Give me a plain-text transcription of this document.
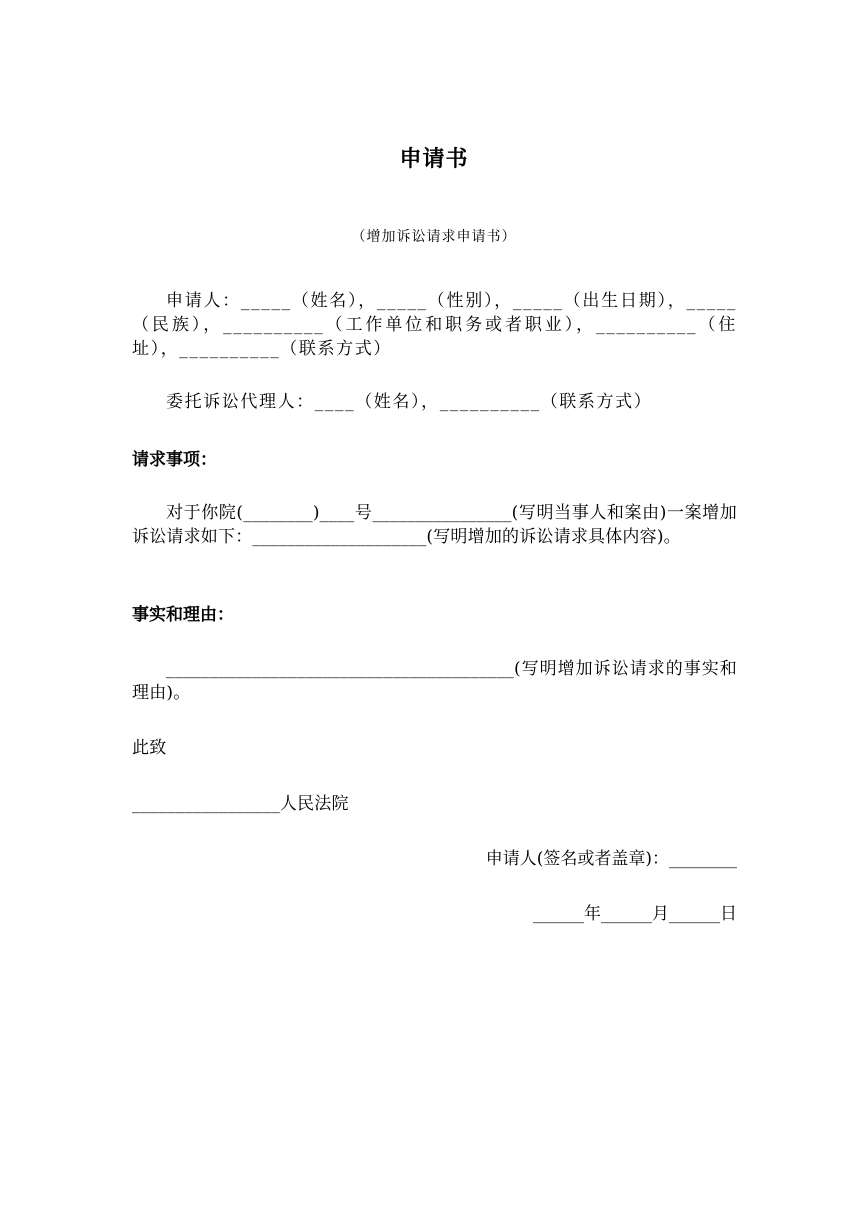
申请书
（增加诉讼请求申请书）
申请人：_____（姓名），_____（性别），_____（出生日期），_____（民族），__________（工作单位和职务或者职业），__________（住址），__________（联系方式）
委托诉讼代理人：____（姓名），__________（联系方式）
请求事项：
对于你院(________)____号________________(写明当事人和案由)一案增加诉讼请求如下：____________________(写明增加的诉讼请求具体内容)。
事实和理由：
________________________________________(写明增加诉讼请求的事实和理由)。
此致
_________________人民法院
申请人(签名或者盖章)：________
______年______月______日
